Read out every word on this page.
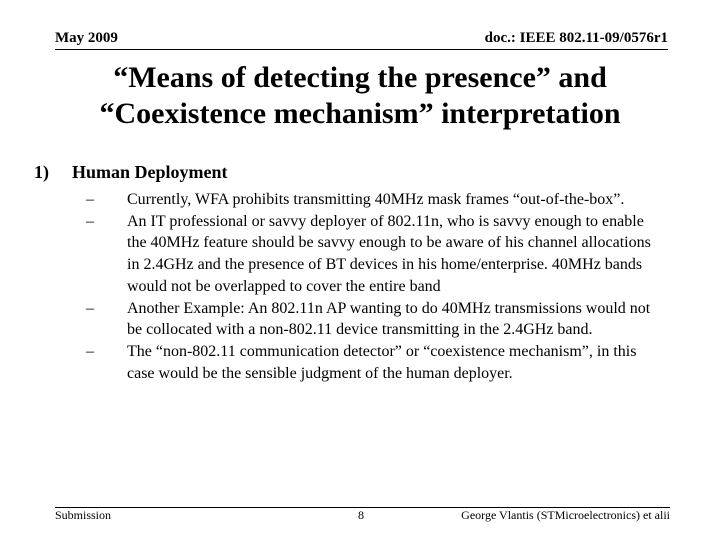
May 2009	doc.: IEEE 802.11-09/0576r1
“Means of detecting the presence” and
“Coexistence mechanism” interpretation
1) Human Deployment
–	Currently, WFA prohibits transmitting 40MHz mask frames “out-of-the-box”.
–	An IT professional or savvy deployer of 802.11n, who is savvy enough to enable the 40MHz feature should be savvy enough to be aware of his channel allocations in 2.4GHz and the presence of BT devices in his home/enterprise. 40MHz bands would not be overlapped to cover the entire band
–	Another Example: An 802.11n AP wanting to do 40MHz transmissions would not be collocated with a non-802.11 device transmitting in the 2.4GHz band.
–	The “non-802.11 communication detector” or “coexistence mechanism”, in this case would be the sensible judgment of the human deployer.
Submission	8	George Vlantis (STMicroelectronics) et alii
